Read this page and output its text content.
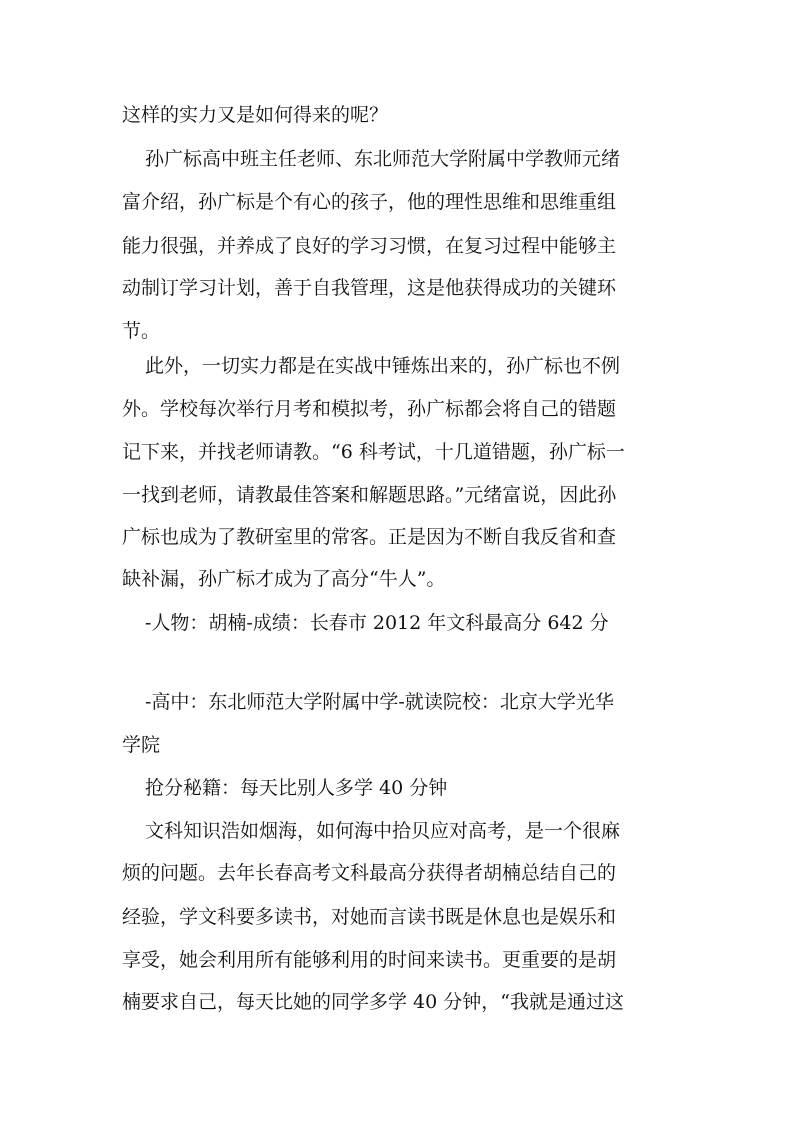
这样的实力又是如何得来的呢？
孙广标高中班主任老师、东北师范大学附属中学教师元绪
富介绍，孙广标是个有心的孩子，他的理性思维和思维重组
能力很强，并养成了良好的学习习惯，在复习过程中能够主
动制订学习计划，善于自我管理，这是他获得成功的关键环
节。
此外，一切实力都是在实战中锤炼出来的，孙广标也不例
外。学校每次举行月考和模拟考，孙广标都会将自己的错题
记下来，并找老师请教。“6 科考试，十几道错题，孙广标一
一找到老师，请教最佳答案和解题思路。”元绪富说，因此孙
广标也成为了教研室里的常客。正是因为不断自我反省和查
缺补漏，孙广标才成为了高分“牛人”。
-人物：胡楠-成绩：长春市 2012 年文科最高分 642 分
-高中：东北师范大学附属中学-就读院校：北京大学光华
学院
抢分秘籍：每天比别人多学 40 分钟
文科知识浩如烟海，如何海中拾贝应对高考，是一个很麻
烦的问题。去年长春高考文科最高分获得者胡楠总结自己的
经验，学文科要多读书，对她而言读书既是休息也是娱乐和
享受，她会利用所有能够利用的时间来读书。更重要的是胡
楠要求自己，每天比她的同学多学 40 分钟，“我就是通过这
